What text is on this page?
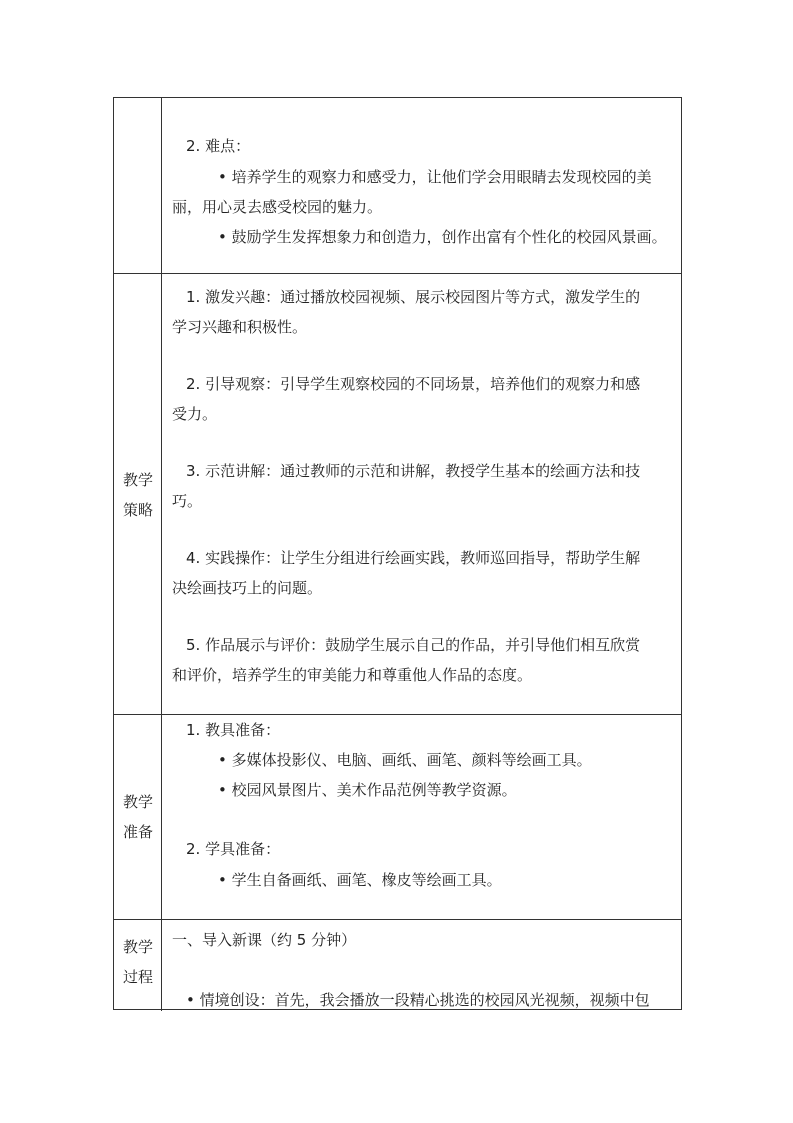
2. 难点：
• 培养学生的观察力和感受力，让他们学会用眼睛去发现校园的美
丽，用心灵去感受校园的魅力。
• 鼓励学生发挥想象力和创造力，创作出富有个性化的校园风景画。
教学
策略
1. 激发兴趣：通过播放校园视频、展示校园图片等方式，激发学生的
学习兴趣和积极性。
2. 引导观察：引导学生观察校园的不同场景，培养他们的观察力和感
受力。
3. 示范讲解：通过教师的示范和讲解，教授学生基本的绘画方法和技
巧。
4. 实践操作：让学生分组进行绘画实践，教师巡回指导，帮助学生解
决绘画技巧上的问题。
5. 作品展示与评价：鼓励学生展示自己的作品，并引导他们相互欣赏
和评价，培养学生的审美能力和尊重他人作品的态度。
教学
准备
1. 教具准备：
• 多媒体投影仪、电脑、画纸、画笔、颜料等绘画工具。
• 校园风景图片、美术作品范例等教学资源。
2. 学具准备：
• 学生自备画纸、画笔、橡皮等绘画工具。
教学
过程
一、导入新课（约 5 分钟）
• 情境创设：首先，我会播放一段精心挑选的校园风光视频，视频中包
